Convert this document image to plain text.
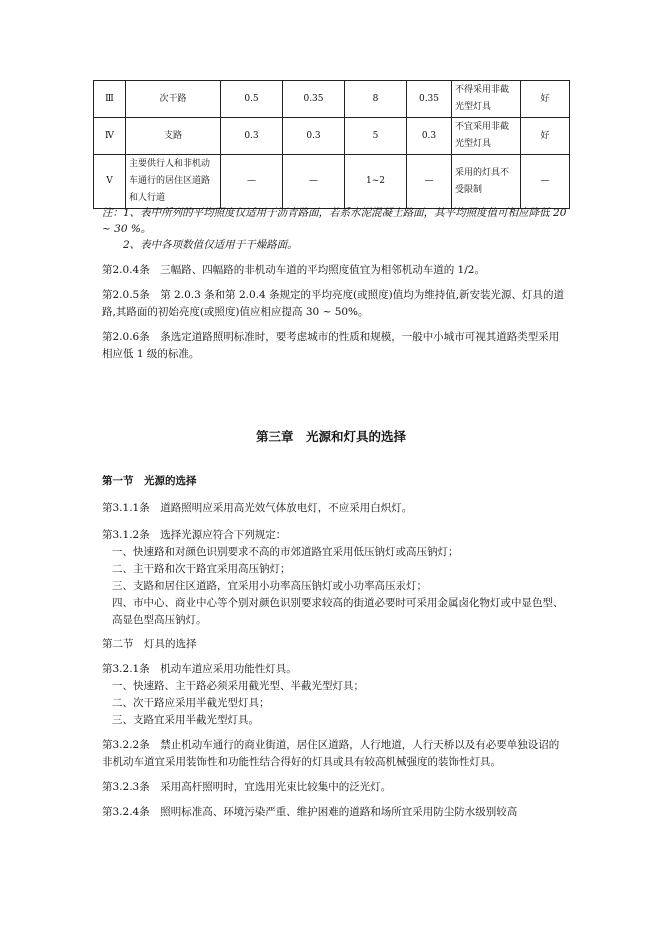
Ⅲ	次干路	0.5	0.35	8	0.35	不得采用非截光型灯具	好
Ⅳ	支路	0.3	0.3	5	0.3	不宜采用非截光型灯具	好
Ⅴ	主要供行人和非机动车通行的居住区道路和人行道	—	—	1~2	—	采用的灯具不受限制	—

注：1、表中所列的平均照度仅适用于沥青路面，若系水泥混凝土路面，其平均照度值可相应降低 20 ~ 30 %。

2、表中各项数值仅适用于干燥路面。

第2.0.4条　三幅路、四幅路的非机动车道的平均照度值宜为相邻机动车道的 1/2。

第2.0.5条　第 2.0.3 条和第 2.0.4 条规定的平均亮度(或照度)值均为维持值,新安装光源、灯具的道路,其路面的初始亮度(或照度)值应相应提高 30 ~ 50%。

第2.0.6条　条选定道路照明标准时，要考虑城市的性质和规模，一般中小城市可视其道路类型采用相应低 1 级的标准。

第三章　光源和灯具的选择

第一节　光源的选择

第3.1.1条　道路照明应采用高光效气体放电灯，不应采用白炽灯。

第3.1.2条　选择光源应符合下列规定：

一、快速路和对颜色识别要求不高的市郊道路宜采用低压钠灯或高压钠灯；

二、主干路和次干路宜采用高压钠灯；

三、支路和居住区道路，宜采用小功率高压钠灯或小功率高压汞灯；

四、市中心、商业中心等个别对颜色识别要求较高的街道必要时可采用金属卤化物灯或中显色型、高显色型高压钠灯。

第二节　灯具的选择

第3.2.1条　机动车道应采用功能性灯具。

一、快速路、主干路必须采用截光型、半截光型灯具；

二、次干路应采用半截光型灯具；

三、支路宜采用半截光型灯具。

第3.2.2条　禁止机动车通行的商业街道，居住区道路，人行地道，人行天桥以及有必要单独设诏的非机动车道宜采用装饰性和功能性结合得好的灯具或具有较高机械强度的装饰性灯具。

第3.2.3条　采用高杆照明时，宜选用光束比较集中的泛光灯。

第3.2.4条　照明标准高、环境污染严重、维护困难的道路和场所宜采用防尘防水级别较高
